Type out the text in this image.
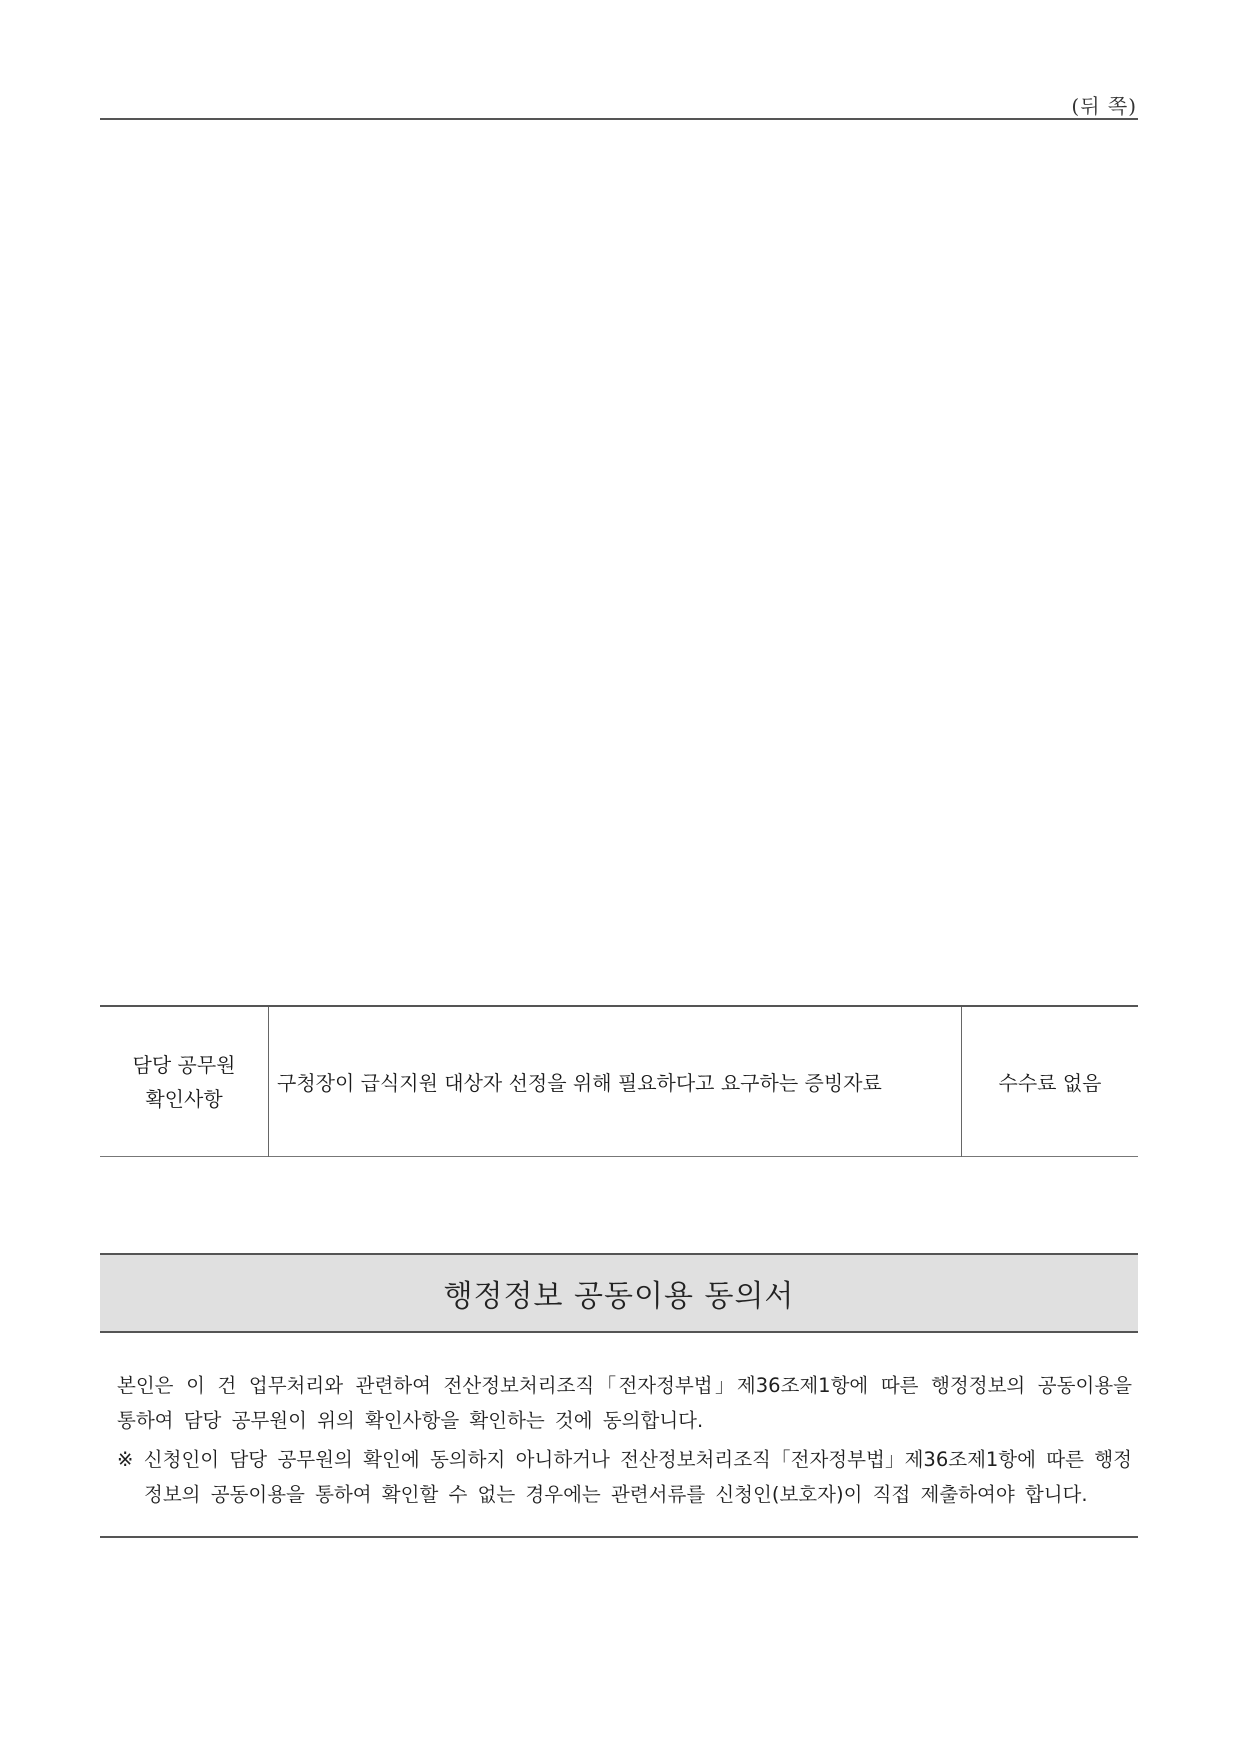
(뒤 쪽)
담당 공무원
확인사항
	구청장이 급식지원 대상자 선정을 위해 필요하다고 요구하는 증빙자료	수수료 없음
행정정보 공동이용 동의서

본인은 이 건 업무처리와 관련하여 전산정보처리조직「전자정부법」제36조제1항에 따른 행정정보의 공동이용을 통하여 담당 공무원이 위의 확인사항을 확인하는 것에 동의합니다.

※ 신청인이 담당 공무원의 확인에 동의하지 아니하거나 전산정보처리조직「전자정부법」제36조제1항에 따른 행정정보의 공동이용을 통하여 확인할 수 없는 경우에는 관련서류를 신청인(보호자)이 직접 제출하여야 합니다.
